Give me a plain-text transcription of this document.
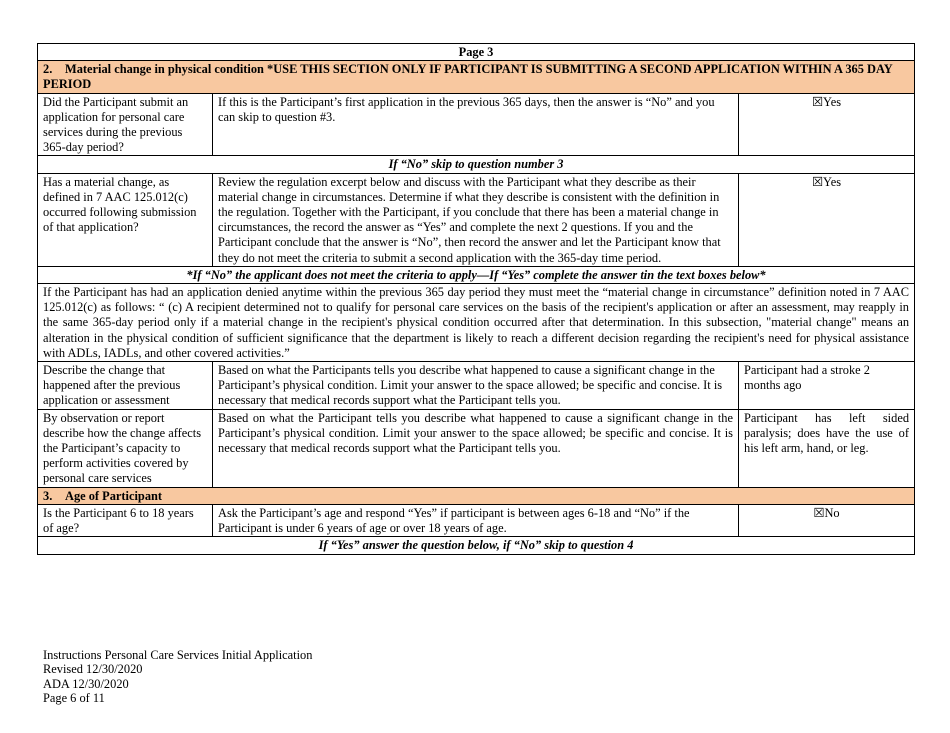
Page 3		
2. Material change in physical condition *USE THIS SECTION ONLY IF PARTICIPANT IS SUBMITTING A SECOND APPLICATION WITHIN A 365 DAY PERIOD		
Did the Participant submit an application for personal care services during the previous 365-day period?	If this is the Participant’s first application in the previous 365 days, then the answer is “No” and you can skip to question #3.	☒Yes
If “No” skip to question number 3		
Has a material change, as defined in 7 AAC 125.012(c) occurred following submission of that application?	Review the regulation excerpt below and discuss with the Participant what they describe as their material change in circumstances. Determine if what they describe is consistent with the definition in the regulation. Together with the Participant, if you conclude that there has been a material change in circumstances, the record the answer as “Yes” and complete the next 2 questions. If you and the Participant conclude that the answer is “No”, then record the answer and let the Participant know that they do not meet the criteria to submit a second application with the 365-day time period.	☒Yes
*If “No” the applicant does not meet the criteria to apply—If “Yes” complete the answer tin the text boxes below*		
If the Participant has had an application denied anytime within the previous 365 day period they must meet the “material change in circumstance” definition noted in 7 AAC 125.012(c) as follows: “ (c) A recipient determined not to qualify for personal care services on the basis of the recipient's application or after an assessment, may reapply in the same 365-day period only if a material change in the recipient's physical condition occurred after that determination. In this subsection, "material change" means an alteration in the physical condition of sufficient significance that the department is likely to reach a different decision regarding the recipient's need for physical assistance with ADLs, IADLs, and other covered activities.”		
Describe the change that happened after the previous application or assessment	Based on what the Participants tells you describe what happened to cause a significant change in the Participant’s physical condition. Limit your answer to the space allowed; be specific and concise. It is necessary that medical records support what the Participant tells you.	Participant had a stroke 2 months ago
By observation or report describe how the change affects the Participant’s capacity to perform activities covered by personal care services	Based on what the Participant tells you describe what happened to cause a significant change in the Participant’s physical condition. Limit your answer to the space allowed; be specific and concise. It is necessary that medical records support what the Participant tells you.	Participant has left sided paralysis; does have the use of his left arm, hand, or leg.
3. Age of Participant		
Is the Participant 6 to 18 years of age?	Ask the Participant’s age and respond “Yes” if participant is between ages 6-18 and “No” if the Participant is under 6 years of age or over 18 years of age.	☒No
If “Yes” answer the question below, if “No” skip to question 4		
Instructions Personal Care Services Initial Application
Revised 12/30/2020
ADA 12/30/2020
Page 6 of 11
